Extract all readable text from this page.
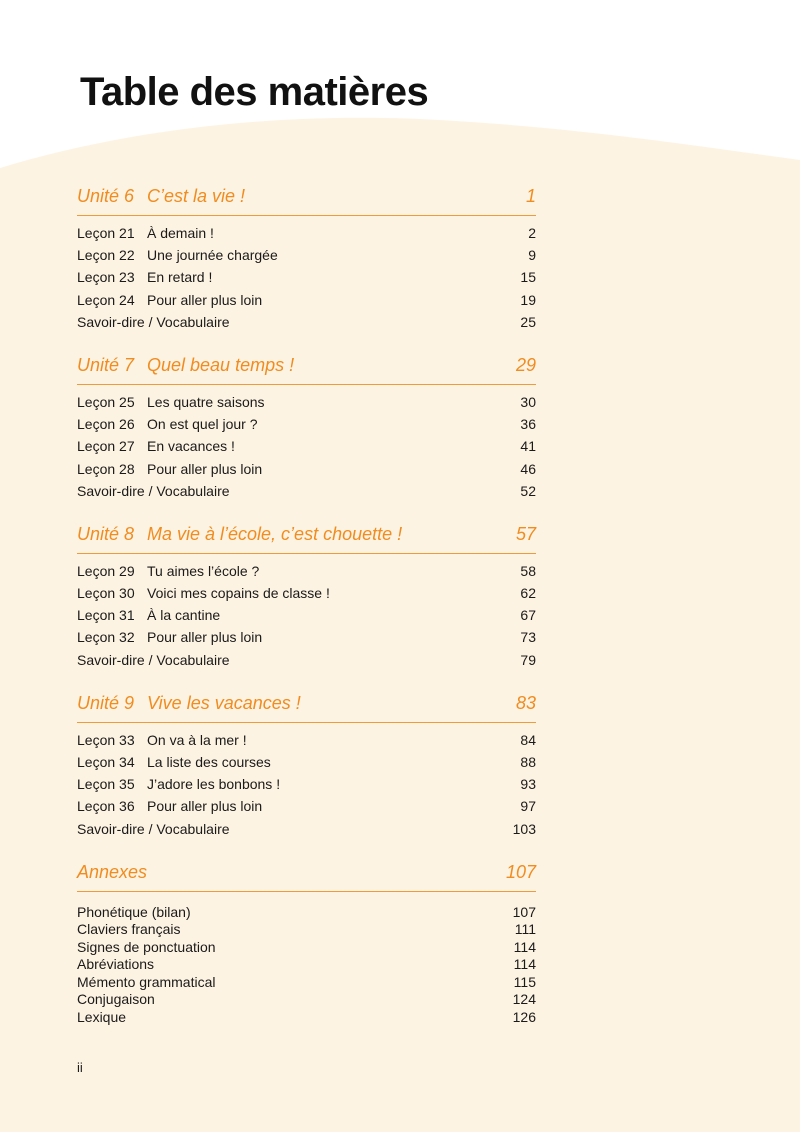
Table des matières
Unité 6 C’est la vie !	1
Leçon 21 À demain !	2
Leçon 22 Une journée chargée	9
Leçon 23 En retard !	15
Leçon 24 Pour aller plus loin	19
Savoir-dire / Vocabulaire	25
Unité 7 Quel beau temps !	29
Leçon 25 Les quatre saisons	30
Leçon 26 On est quel jour ?	36
Leçon 27 En vacances !	41
Leçon 28 Pour aller plus loin	46
Savoir-dire / Vocabulaire	52
Unité 8 Ma vie à l’école, c’est chouette !	57
Leçon 29 Tu aimes l’école ?	58
Leçon 30 Voici mes copains de classe !	62
Leçon 31 À la cantine	67
Leçon 32 Pour aller plus loin	73
Savoir-dire / Vocabulaire	79
Unité 9 Vive les vacances !	83
Leçon 33 On va à la mer !	84
Leçon 34 La liste des courses	88
Leçon 35 J’adore les bonbons !	93
Leçon 36 Pour aller plus loin	97
Savoir-dire / Vocabulaire	103
Annexes	107
Phonétique (bilan)	107
Claviers français	111
Signes de ponctuation	114
Abréviations	114
Mémento grammatical	115
Conjugaison	124
Lexique	126
ii
